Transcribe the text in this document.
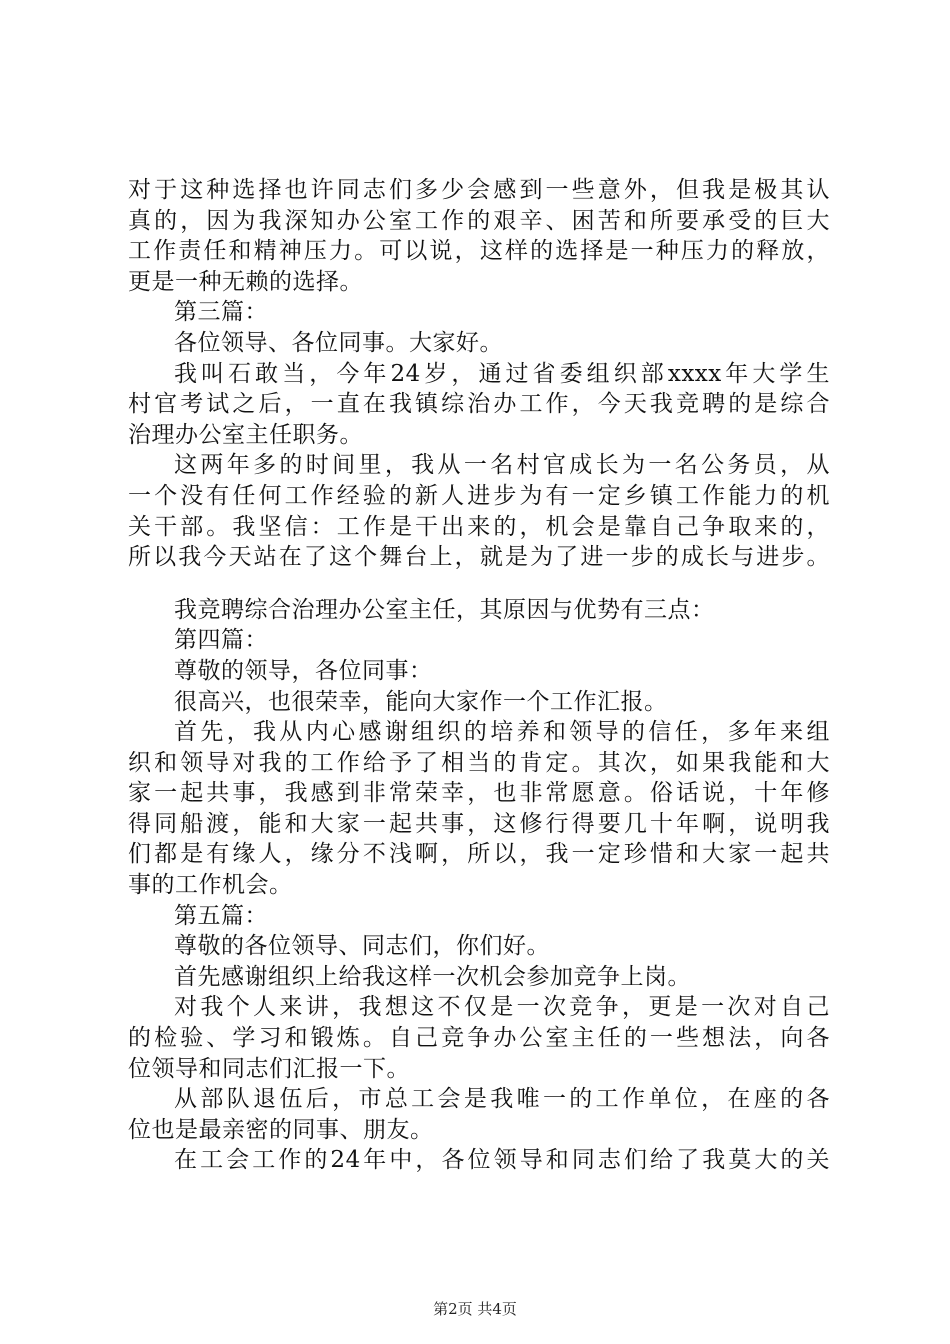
对于这种选择也许同志们多少会感到一些意外，但我是极其认
真的，因为我深知办公室工作的艰辛、困苦和所要承受的巨大
工作责任和精神压力。可以说，这样的选择是一种压力的释放，
更是一种无赖的选择。
第三篇：
各位领导、各位同事。大家好。
我叫石敢当，今年24岁，通过省委组织部xxxx年大学生
村官考试之后，一直在我镇综治办工作，今天我竞聘的是综合
治理办公室主任职务。
这两年多的时间里，我从一名村官成长为一名公务员，从
一个没有任何工作经验的新人进步为有一定乡镇工作能力的机
关干部。我坚信：工作是干出来的，机会是靠自己争取来的，
所以我今天站在了这个舞台上，就是为了进一步的成长与进步。
我竞聘综合治理办公室主任，其原因与优势有三点：
第四篇：
尊敬的领导，各位同事：
很高兴，也很荣幸，能向大家作一个工作汇报。
首先，我从内心感谢组织的培养和领导的信任，多年来组
织和领导对我的工作给予了相当的肯定。其次，如果我能和大
家一起共事，我感到非常荣幸，也非常愿意。俗话说，十年修
得同船渡，能和大家一起共事，这修行得要几十年啊，说明我
们都是有缘人，缘分不浅啊，所以，我一定珍惜和大家一起共
事的工作机会。
第五篇：
尊敬的各位领导、同志们，你们好。
首先感谢组织上给我这样一次机会参加竞争上岗。
对我个人来讲，我想这不仅是一次竞争，更是一次对自己
的检验、学习和锻炼。自己竞争办公室主任的一些想法，向各
位领导和同志们汇报一下。
从部队退伍后，市总工会是我唯一的工作单位，在座的各
位也是最亲密的同事、朋友。
在工会工作的24年中，各位领导和同志们给了我莫大的关
第2页 共4页
